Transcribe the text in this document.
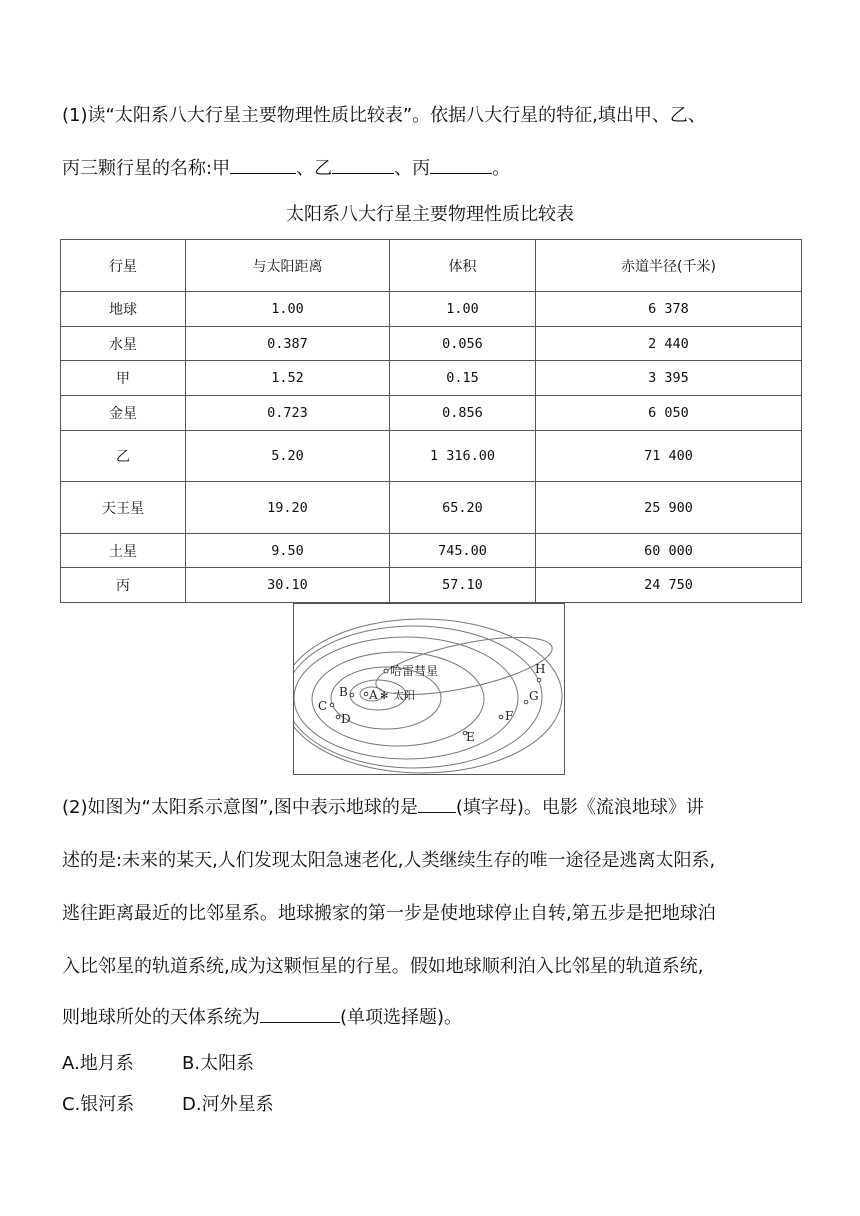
(1)读“太阳系八大行星主要物理性质比较表”。依据八大行星的特征,填出甲、乙、

丙三颗行星的名称:甲	、乙	、丙	。

太阳系八大行星主要物理性质比较表
行星	与太阳距离	体积	赤道半径(千米)
地球	1.00	1.00	6 378
水星	0.387	0.056	2 440
甲	1.52	0.15	3 395
金星	0.723	0.856	6 050
乙	5.20	1 316.00	71 400
天王星	19.20	65.20	25 900
土星	9.50	745.00	60 000
丙	30.10	57.10	24 750
哈雷彗星
A ✻ 太阳
B
C
D
E
F
G
H

(2)如图为“太阳系示意图”,图中表示地球的是 (填字母)。电影《流浪地球》讲

述的是:未来的某天,人们发现太阳急速老化,人类继续生存的唯一途径是逃离太阳系,

逃往距离最近的比邻星系。地球搬家的第一步是使地球停止自转,第五步是把地球泊

入比邻星的轨道系统,成为这颗恒星的行星。假如地球顺利泊入比邻星的轨道系统,

则地球所处的天体系统为	(单项选择题)。

A.地月系	B.太阳系
C.银河系	D.河外星系
